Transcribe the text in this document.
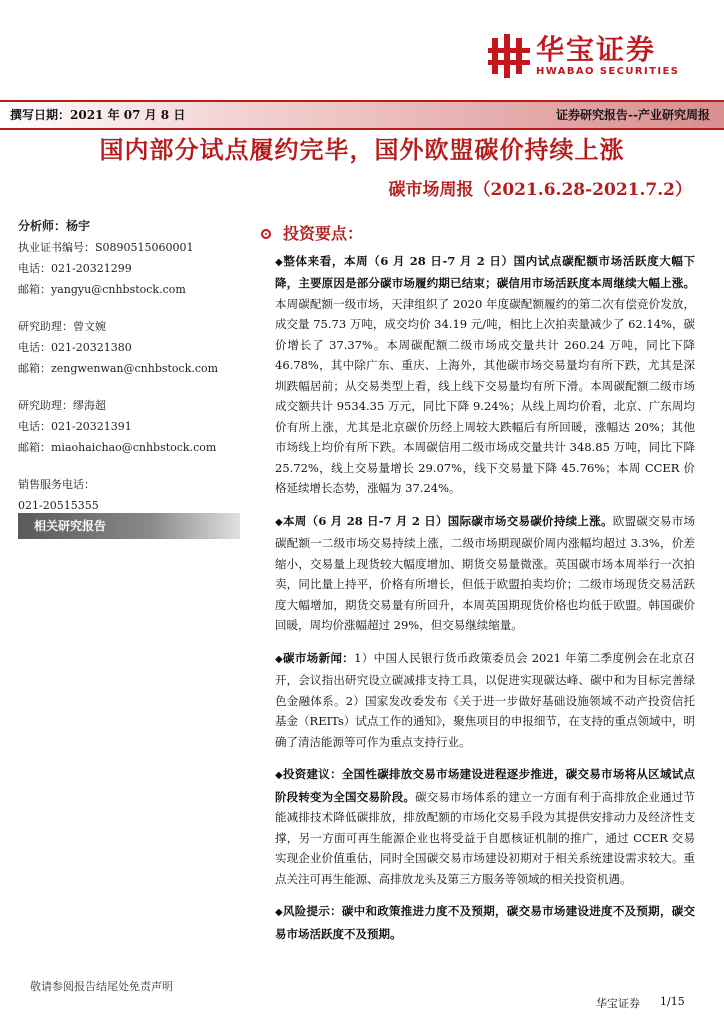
华宝证券
HWABAO SECURITIES
撰写日期：2021 年 07 月 8 日	证券研究报告--产业研究周报
国内部分试点履约完毕，国外欧盟碳价持续上涨
碳市场周报（2021.6.28-2021.7.2）

分析师：杨宇

执业证书编号：S0890515060001

电话：021-20321299

邮箱：yangyu@cnhbstock.com

研究助理：曾文婉

电话：021-20321380

邮箱：zengwenwan@cnhbstock.com

研究助理：缪海超

电话：021-20321391

邮箱：miaohaichao@cnhbstock.com

销售服务电话：

021-20515355

相关研究报告
投资要点：
◆整体来看，本周（6 月 28 日-7 月 2 日）国内试点碳配额市场活跃度大幅下降，主要原因是部分碳市场履约期已结束；碳信用市场活跃度本周继续大幅上涨。本周碳配额一级市场，天津组织了 2020 年度碳配额履约的第二次有偿竞价发放，成交量 75.73 万吨，成交均价 34.19 元/吨，相比上次拍卖量减少了 62.14%，碳价增长了 37.37%。本周碳配额二级市场成交量共计 260.24 万吨，同比下降 46.78%，其中除广东、重庆、上海外，其他碳市场交易量均有所下跌，尤其是深圳跌幅居前；从交易类型上看，线上线下交易量均有所下滑。本周碳配额二级市场成交额共计 9534.35 万元，同比下降 9.24%；从线上周均价看，北京、广东周均价有所上涨，尤其是北京碳价历经上周较大跌幅后有所回暖，涨幅达 20%；其他市场线上均价有所下跌。本周碳信用二级市场成交量共计 348.85 万吨，同比下降 25.72%，线上交易量增长 29.07%，线下交易量下降 45.76%；本周 CCER 价格延续增长态势，涨幅为 37.24%。
◆本周（6 月 28 日-7 月 2 日）国际碳市场交易碳价持续上涨。欧盟碳交易市场碳配额一二级市场交易持续上涨，二级市场期现碳价周内涨幅均超过 3.3%，价差缩小，交易量上现货较大幅度增加、期货交易量微涨。英国碳市场本周举行一次拍卖，同比量上持平，价格有所增长，但低于欧盟拍卖均价；二级市场现货交易活跃度大幅增加，期货交易量有所回升，本周英国期现货价格也均低于欧盟。韩国碳价回暖，周均价涨幅超过 29%，但交易继续缩量。
◆碳市场新闻：1）中国人民银行货币政策委员会 2021 年第二季度例会在北京召开，会议指出研究设立碳减排支持工具，以促进实现碳达峰、碳中和为目标完善绿色金融体系。2）国家发改委发布《关于进一步做好基础设施领域不动产投资信托基金（REITs）试点工作的通知》，聚焦项目的申报细节，在支持的重点领域中，明确了清洁能源等可作为重点支持行业。
◆投资建议：全国性碳排放交易市场建设进程逐步推进，碳交易市场将从区域试点阶段转变为全国交易阶段。碳交易市场体系的建立一方面有利于高排放企业通过节能减排技术降低碳排放，排放配额的市场化交易手段为其提供安排动力及经济性支撑，另一方面可再生能源企业也将受益于自愿核证机制的推广，通过 CCER 交易实现企业价值重估，同时全国碳交易市场建设初期对于相关系统建设需求较大。重点关注可再生能源、高排放龙头及第三方服务等领域的相关投资机遇。
◆风险提示：碳中和政策推进力度不及预期，碳交易市场建设进度不及预期，碳交易市场活跃度不及预期。
敬请参阅报告结尾处免责声明
华宝证券 1/15
